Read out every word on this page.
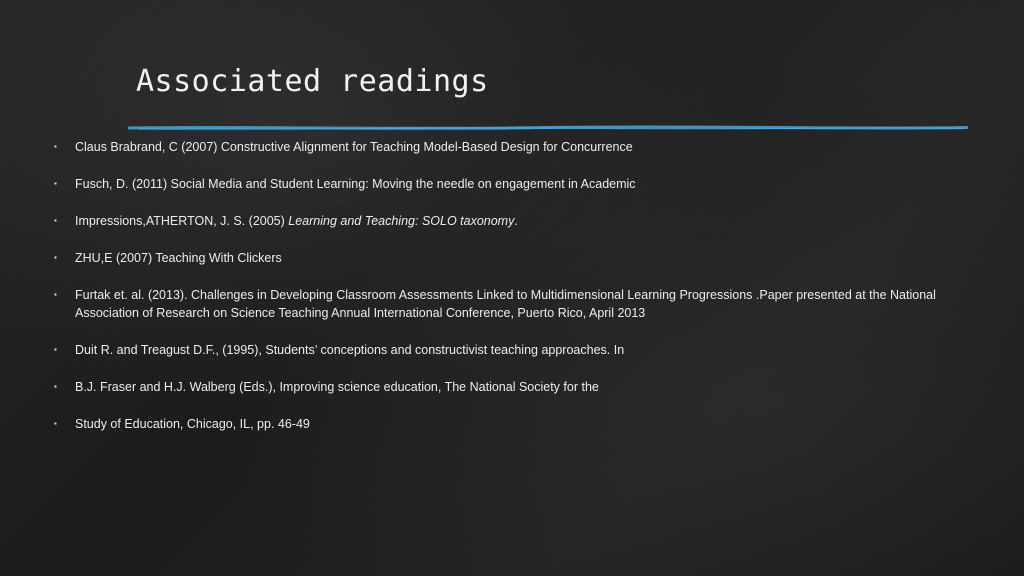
Associated readings
▪ Claus Brabrand, C (2007) Constructive Alignment for Teaching Model-Based Design for Concurrence
▪ Fusch, D. (2011) Social Media and Student Learning: Moving the needle on engagement in Academic
▪ Impressions,ATHERTON, J. S. (2005) Learning and Teaching: SOLO taxonomy.
▪ ZHU,E (2007) Teaching With Clickers
▪ Furtak et. al. (2013). Challenges in Developing Classroom Assessments Linked to Multidimensional Learning Progressions .Paper presented at the National Association of Research on Science Teaching Annual International Conference, Puerto Rico, April 2013
▪ Duit R. and Treagust D.F., (1995), Students’ conceptions and constructivist teaching approaches. In
▪ B.J. Fraser and H.J. Walberg (Eds.), Improving science education, The National Society for the
▪ Study of Education, Chicago, IL, pp. 46-49
